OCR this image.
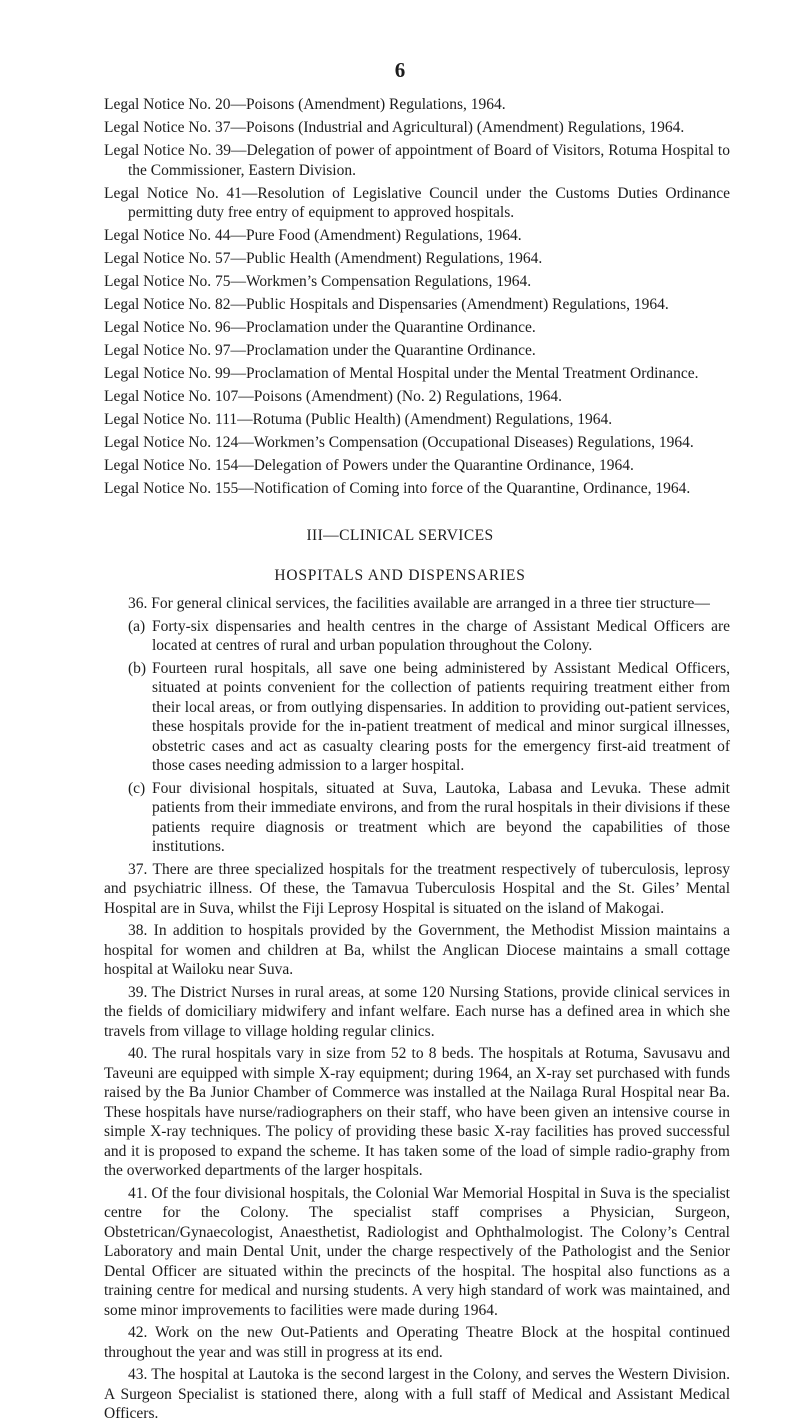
6
Legal Notice No. 20—Poisons (Amendment) Regulations, 1964.
Legal Notice No. 37—Poisons (Industrial and Agricultural) (Amendment) Regulations, 1964.
Legal Notice No. 39—Delegation of power of appointment of Board of Visitors, Rotuma Hospital to the Commissioner, Eastern Division.
Legal Notice No. 41—Resolution of Legislative Council under the Customs Duties Ordinance permitting duty free entry of equipment to approved hospitals.
Legal Notice No. 44—Pure Food (Amendment) Regulations, 1964.
Legal Notice No. 57—Public Health (Amendment) Regulations, 1964.
Legal Notice No. 75—Workmen’s Compensation Regulations, 1964.
Legal Notice No. 82—Public Hospitals and Dispensaries (Amendment) Regulations, 1964.
Legal Notice No. 96—Proclamation under the Quarantine Ordinance.
Legal Notice No. 97—Proclamation under the Quarantine Ordinance.
Legal Notice No. 99—Proclamation of Mental Hospital under the Mental Treatment Ordinance.
Legal Notice No. 107—Poisons (Amendment) (No. 2) Regulations, 1964.
Legal Notice No. 111—Rotuma (Public Health) (Amendment) Regulations, 1964.
Legal Notice No. 124—Workmen’s Compensation (Occupational Diseases) Regulations, 1964.
Legal Notice No. 154—Delegation of Powers under the Quarantine Ordinance, 1964.
Legal Notice No. 155—Notification of Coming into force of the Quarantine, Ordinance, 1964.
III—CLINICAL SERVICES
HOSPITALS AND DISPENSARIES

36. For general clinical services, the facilities available are arranged in a three tier structure—

(a) Forty-six dispensaries and health centres in the charge of Assistant Medical Officers are located at centres of rural and urban population throughout the Colony.

(b) Fourteen rural hospitals, all save one being administered by Assistant Medical Officers, situated at points convenient for the collection of patients requiring treatment either from their local areas, or from outlying dispensaries. In addition to providing out-patient services, these hospitals provide for the in-patient treatment of medical and minor surgical illnesses, obstetric cases and act as casualty clearing posts for the emergency first-aid treatment of those cases needing admission to a larger hospital.

(c) Four divisional hospitals, situated at Suva, Lautoka, Labasa and Levuka. These admit patients from their immediate environs, and from the rural hospitals in their divisions if these patients require diagnosis or treatment which are beyond the capabilities of those institutions.

37. There are three specialized hospitals for the treatment respectively of tuberculosis, leprosy and psychiatric illness. Of these, the Tamavua Tuberculosis Hospital and the St. Giles’ Mental Hospital are in Suva, whilst the Fiji Leprosy Hospital is situated on the island of Makogai.

38. In addition to hospitals provided by the Government, the Methodist Mission maintains a hospital for women and children at Ba, whilst the Anglican Diocese maintains a small cottage hospital at Wailoku near Suva.

39. The District Nurses in rural areas, at some 120 Nursing Stations, provide clinical services in the fields of domiciliary midwifery and infant welfare. Each nurse has a defined area in which she travels from village to village holding regular clinics.

40. The rural hospitals vary in size from 52 to 8 beds. The hospitals at Rotuma, Savusavu and Taveuni are equipped with simple X-ray equipment; during 1964, an X-ray set purchased with funds raised by the Ba Junior Chamber of Commerce was installed at the Nailaga Rural Hospital near Ba. These hospitals have nurse/radiographers on their staff, who have been given an intensive course in simple X-ray techniques. The policy of providing these basic X-ray facilities has proved successful and it is proposed to expand the scheme. It has taken some of the load of simple radio-graphy from the overworked departments of the larger hospitals.

41. Of the four divisional hospitals, the Colonial War Memorial Hospital in Suva is the specialist centre for the Colony. The specialist staff comprises a Physician, Surgeon, Obstetrican/Gynaecologist, Anaesthetist, Radiologist and Ophthalmologist. The Colony’s Central Laboratory and main Dental Unit, under the charge respectively of the Pathologist and the Senior Dental Officer are situated within the precincts of the hospital. The hospital also functions as a training centre for medical and nursing students. A very high standard of work was maintained, and some minor improvements to facilities were made during 1964.

42. Work on the new Out-Patients and Operating Theatre Block at the hospital continued throughout the year and was still in progress at its end.

43. The hospital at Lautoka is the second largest in the Colony, and serves the Western Division. A Surgeon Specialist is stationed there, along with a full staff of Medical and Assistant Medical Officers.
